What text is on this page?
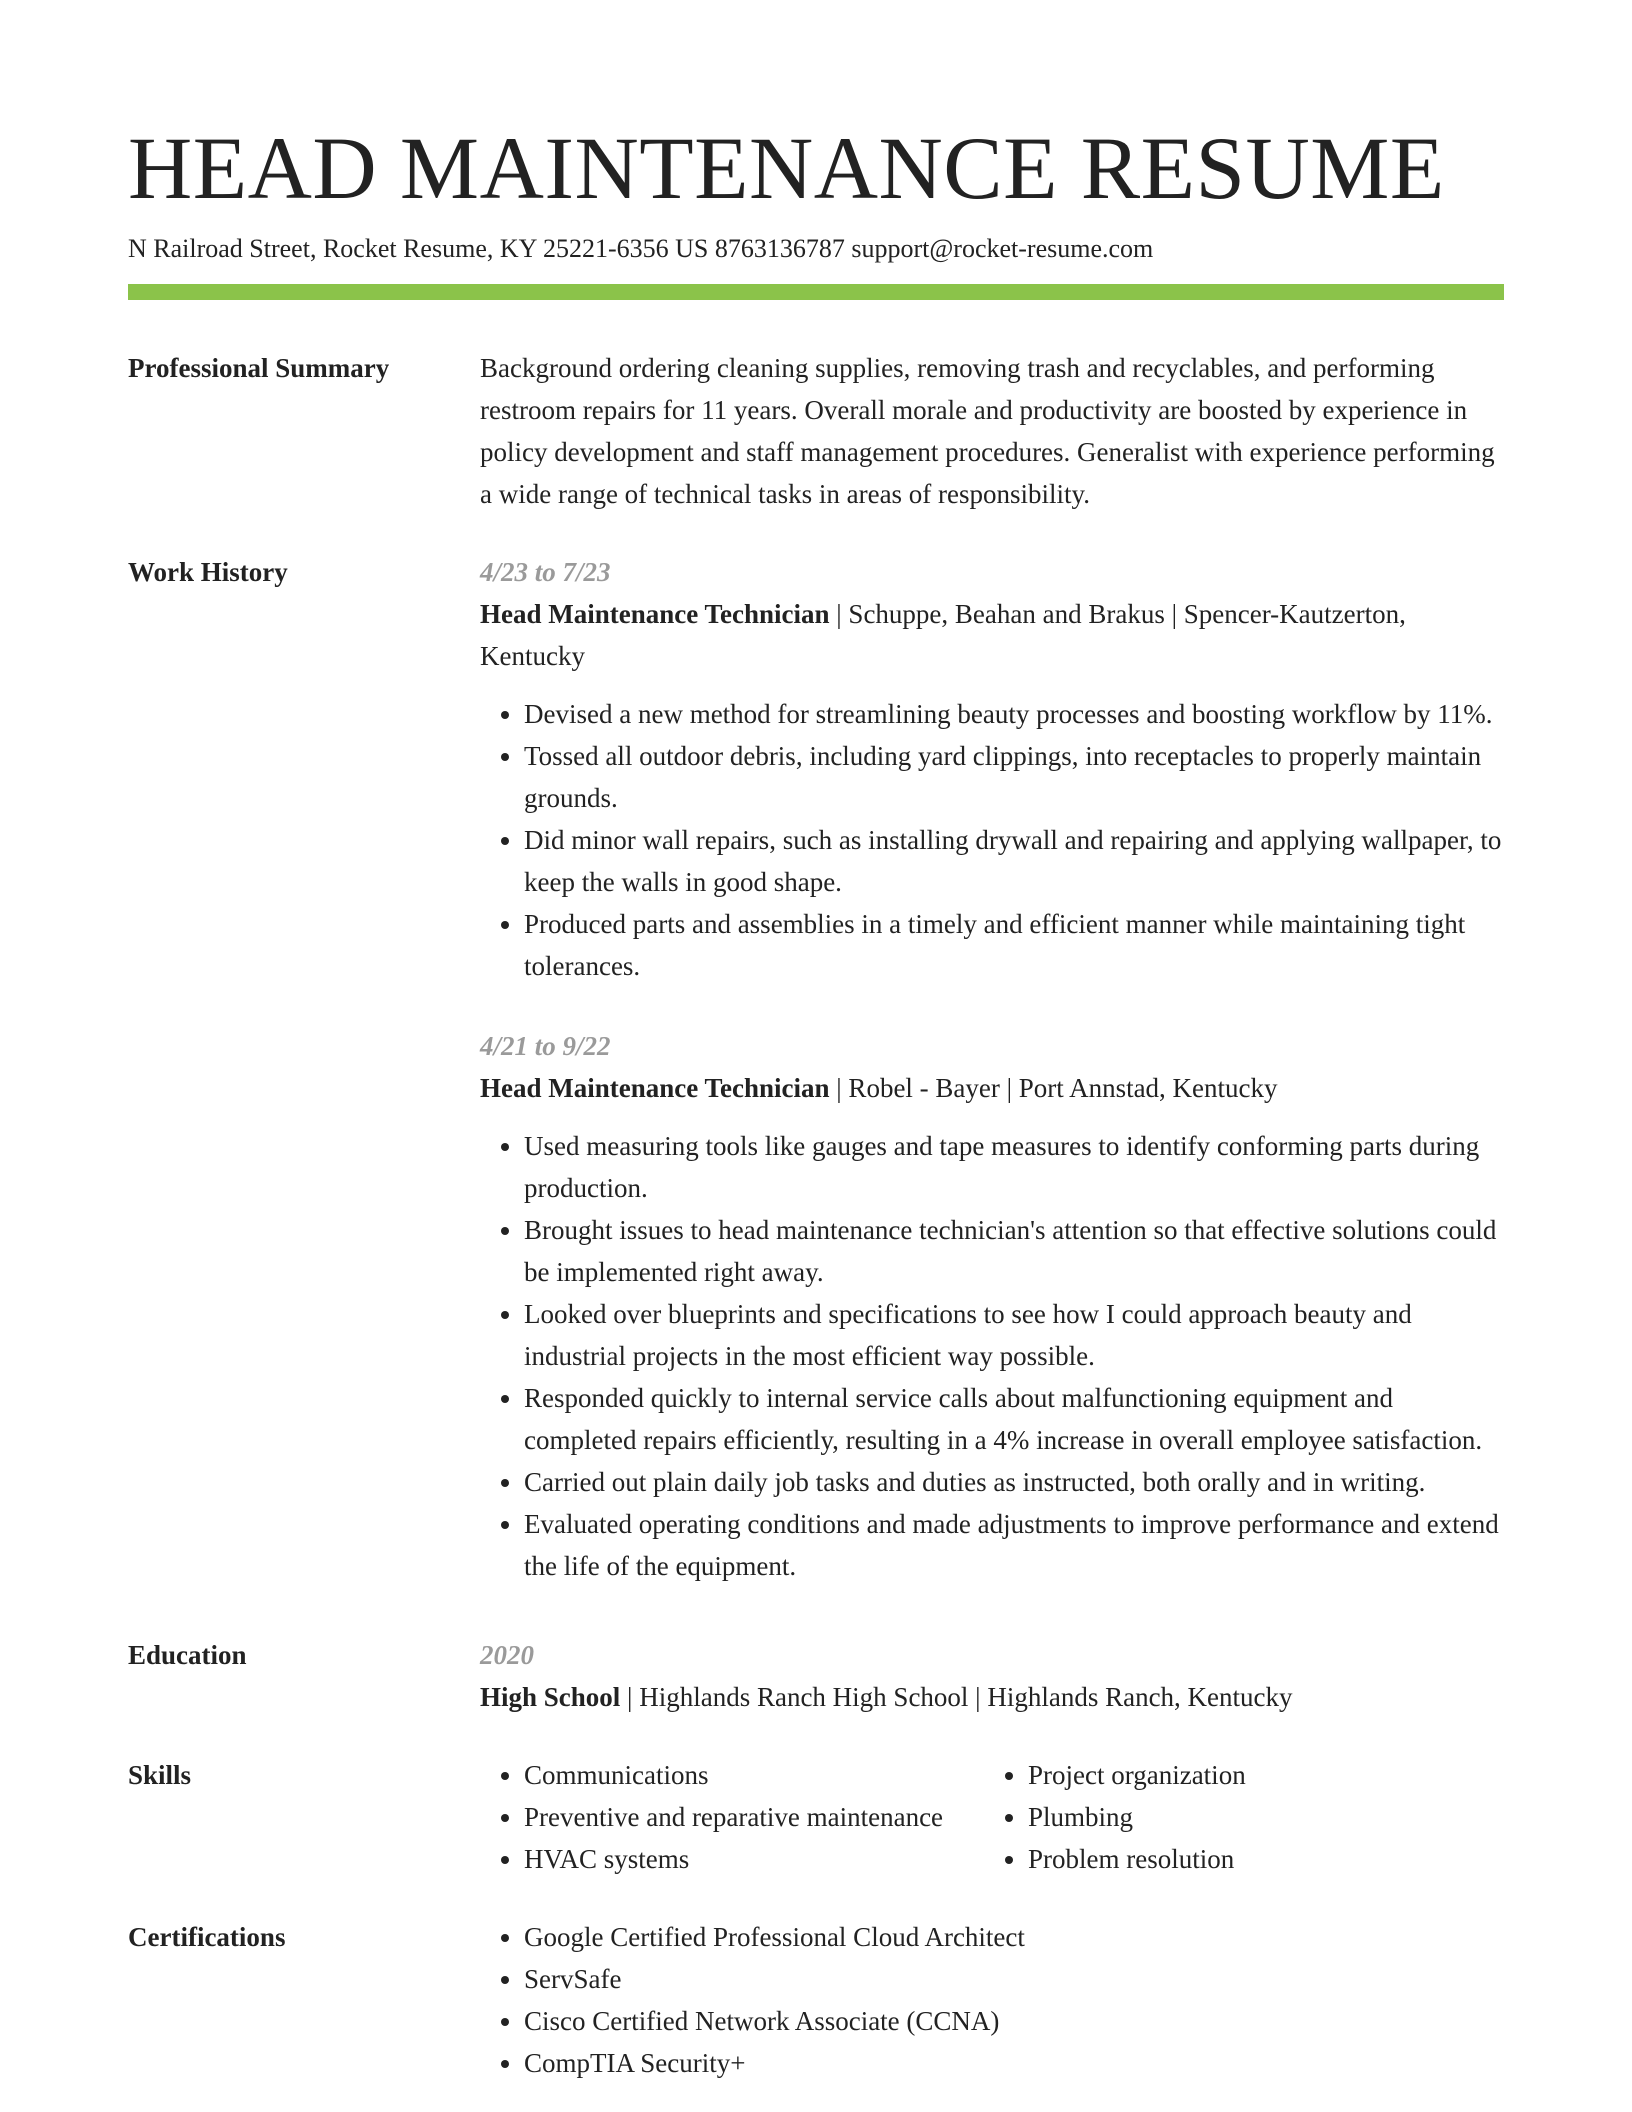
HEAD MAINTENANCE RESUME
N Railroad Street, Rocket Resume, KY 25221-6356 US 8763136787 support@rocket-resume.com
Professional Summary	Background ordering cleaning supplies, removing trash and recyclables, and performing restroom repairs for 11 years. Overall morale and productivity are boosted by experience in policy development and staff management procedures. Generalist with experience performing a wide range of technical tasks in areas of responsibility.

Work History	4/23 to 7/23

Head Maintenance Technician | Schuppe, Beahan and Brakus | Spencer-Kautzerton, Kentucky

• Devised a new method for streamlining beauty processes and boosting workflow by 11%.
• Tossed all outdoor debris, including yard clippings, into receptacles to properly maintain grounds.
• Did minor wall repairs, such as installing drywall and repairing and applying wallpaper, to keep the walls in good shape.
• Produced parts and assemblies in a timely and efficient manner while maintaining tight tolerances.
4/21 to 9/22

Head Maintenance Technician | Robel - Bayer | Port Annstad, Kentucky

• Used measuring tools like gauges and tape measures to identify conforming parts during production.
• Brought issues to head maintenance technician's attention so that effective solutions could be implemented right away.
• Looked over blueprints and specifications to see how I could approach beauty and industrial projects in the most efficient way possible.
• Responded quickly to internal service calls about malfunctioning equipment and completed repairs efficiently, resulting in a 4% increase in overall employee satisfaction.
• Carried out plain daily job tasks and duties as instructed, both orally and in writing.
• Evaluated operating conditions and made adjustments to improve performance and extend the life of the equipment.
Education	2020

High School | Highlands Ranch High School | Highlands Ranch, Kentucky

Skills	• Communications
• Preventive and reparative maintenance
• HVAC systems
• Project organization
• Plumbing
• Problem resolution
Certifications	• Google Certified Professional Cloud Architect
• ServSafe
• Cisco Certified Network Associate (CCNA)
• CompTIA Security+
